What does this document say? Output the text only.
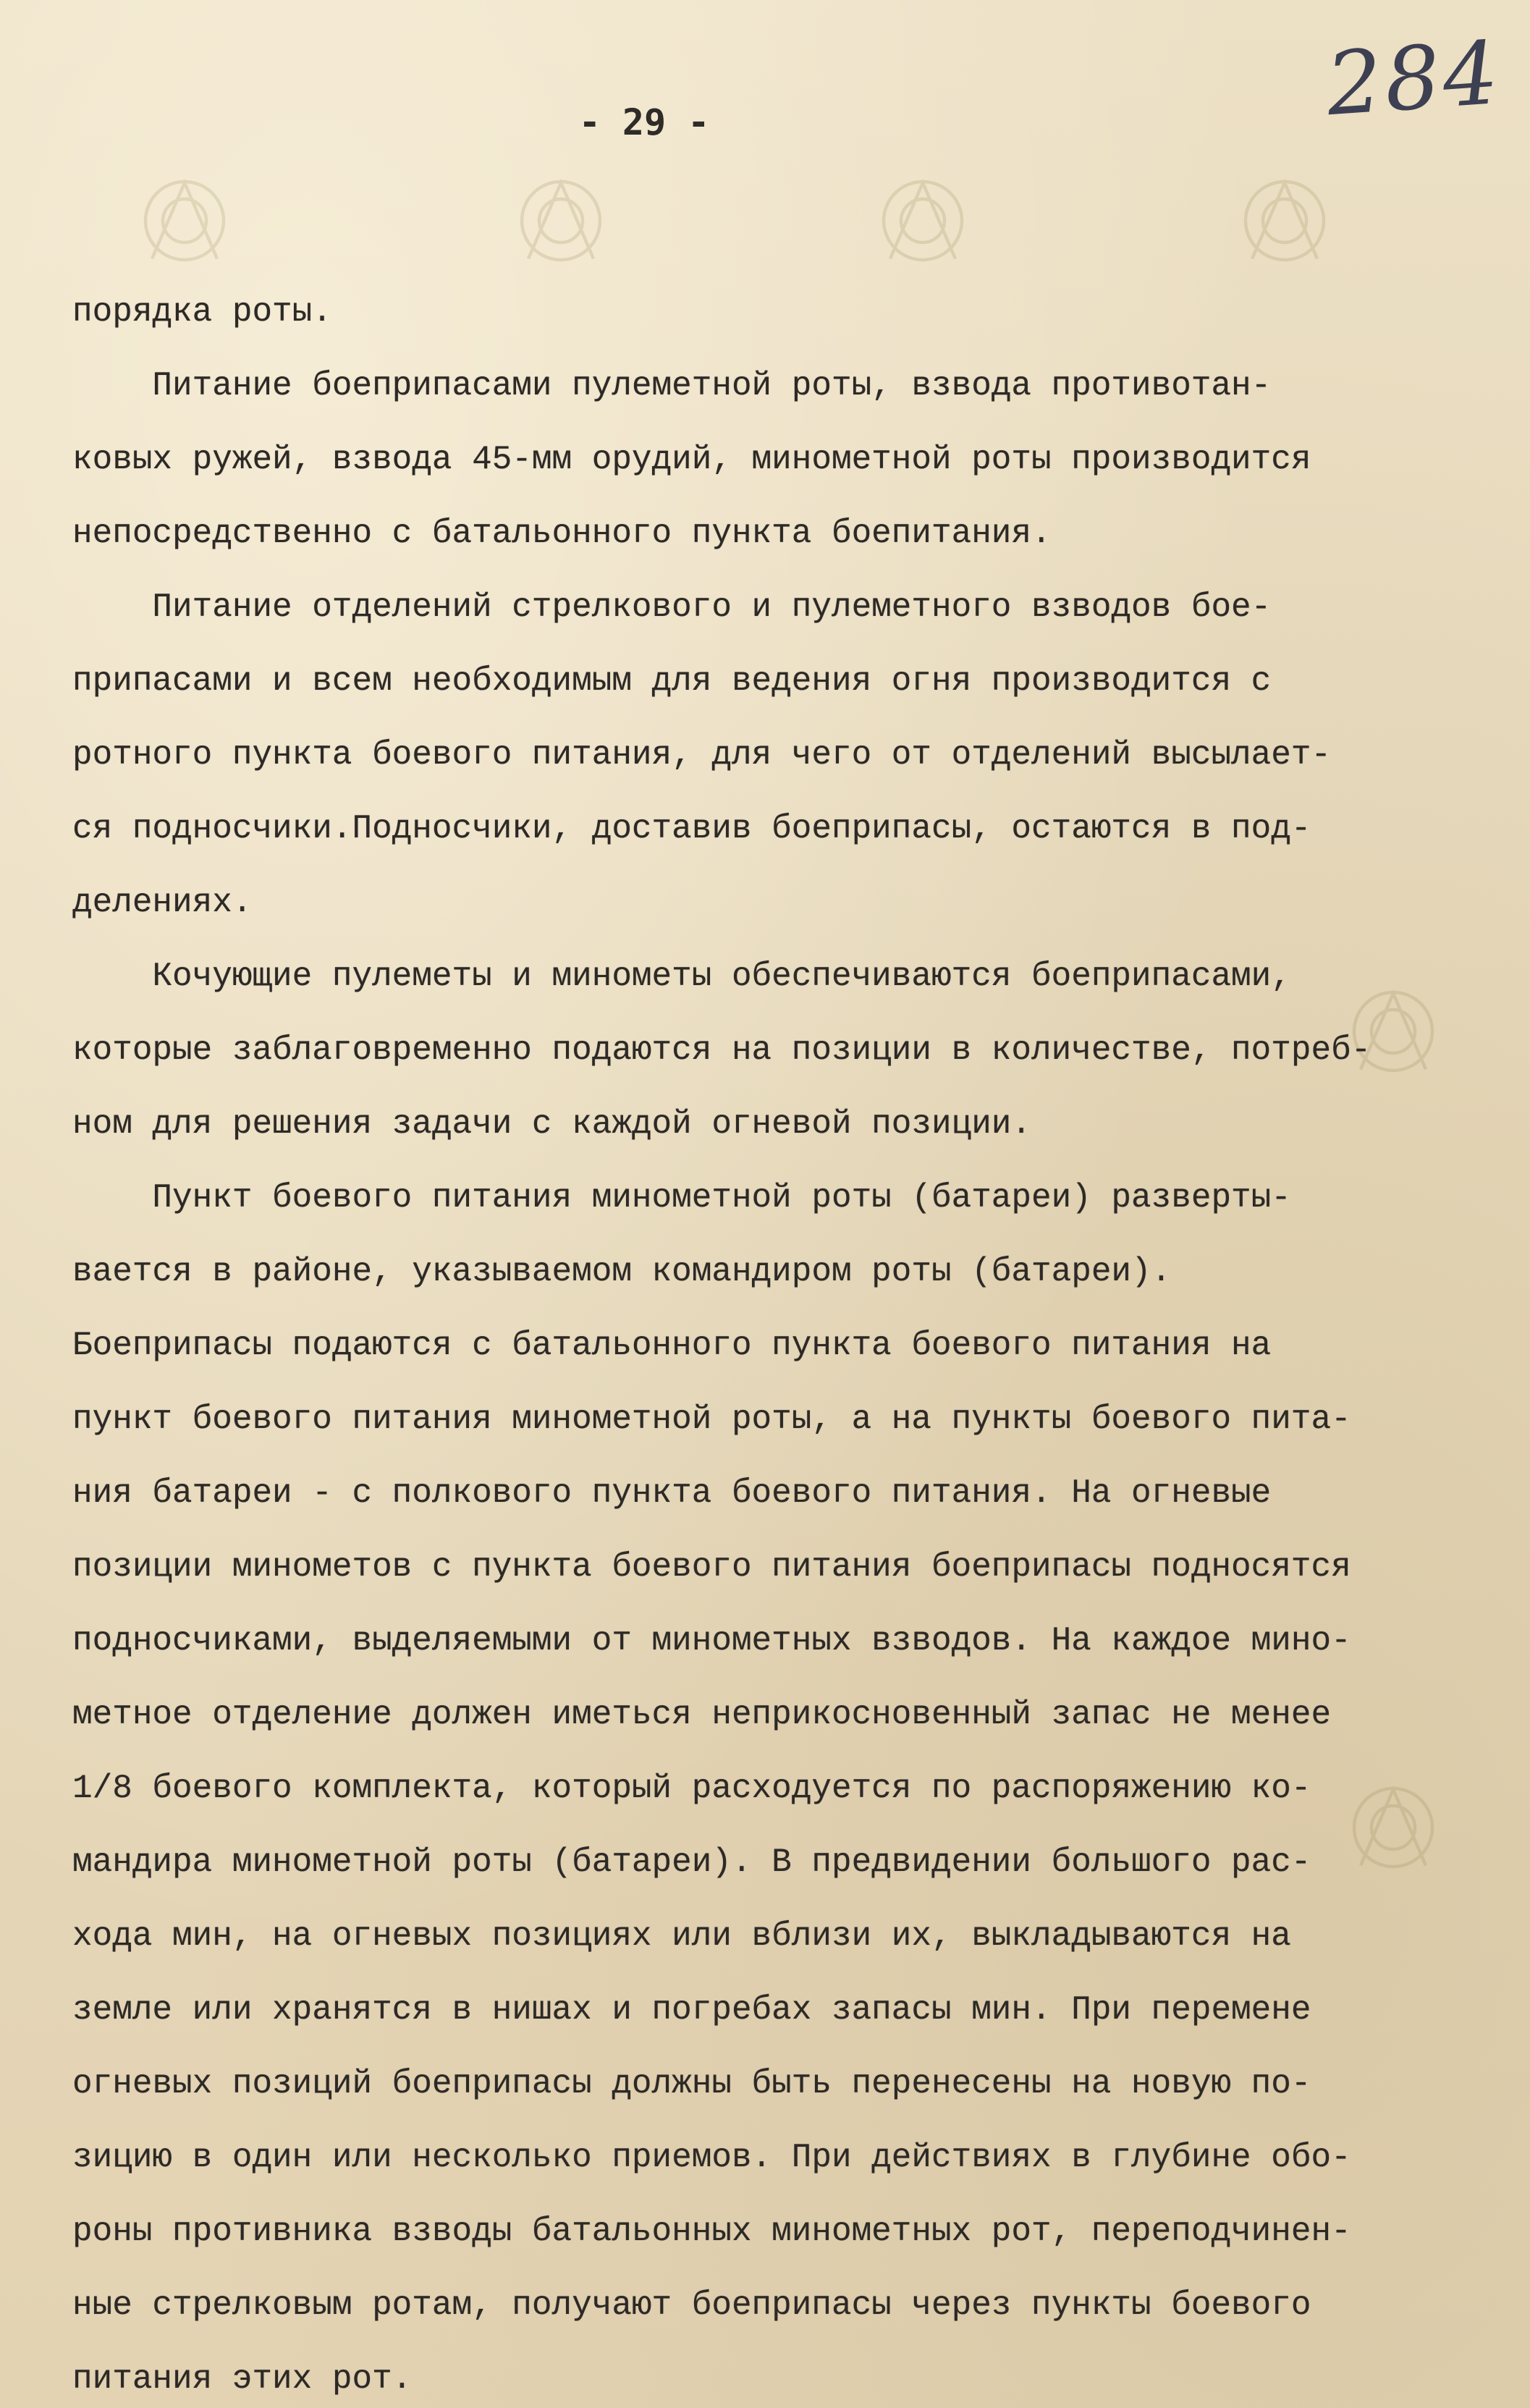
284
- 29 -
порядка роты.
Питание боеприпасами пулеметной роты, взвода противотан-
ковых ружей, взвода 45-мм орудий, минометной роты производится
непосредственно с батальонного пункта боепитания.
Питание отделений стрелкового и пулеметного взводов бое-
припасами и всем необходимым для ведения огня производится с
ротного пункта боевого питания, для чего от отделений высылает-
ся подносчики.Подносчики, доставив боеприпасы, остаются в под-
делениях.
Кочующие пулеметы и минометы обеспечиваются боеприпасами,
которые заблаговременно подаются на позиции в количестве, потреб-
ном для решения задачи с каждой огневой позиции.
Пункт боевого питания минометной роты (батареи) разверты-
вается в районе, указываемом командиром роты (батареи).
Боеприпасы подаются с батальонного пункта боевого питания на
пункт боевого питания минометной роты, а на пункты боевого пита-
ния батареи - с полкового пункта боевого питания. На огневые
позиции минометов с пункта боевого питания боеприпасы подносятся
подносчиками, выделяемыми от минометных взводов. На каждое мино-
метное отделение должен иметься неприкосновенный запас не менее
1/8 боевого комплекта, который расходуется по распоряжению ко-
мандира минометной роты (батареи). В предвидении большого рас-
хода мин, на огневых позициях или вблизи их, выкладываются на
земле или хранятся в нишах и погребах запасы мин. При перемене
огневых позиций боеприпасы должны быть перенесены на новую по-
зицию в один или несколько приемов. При действиях в глубине обо-
роны противника взводы батальонных минометных рот, переподчинен-
ные стрелковым ротам, получают боеприпасы через пункты боевого
питания этих рот.
